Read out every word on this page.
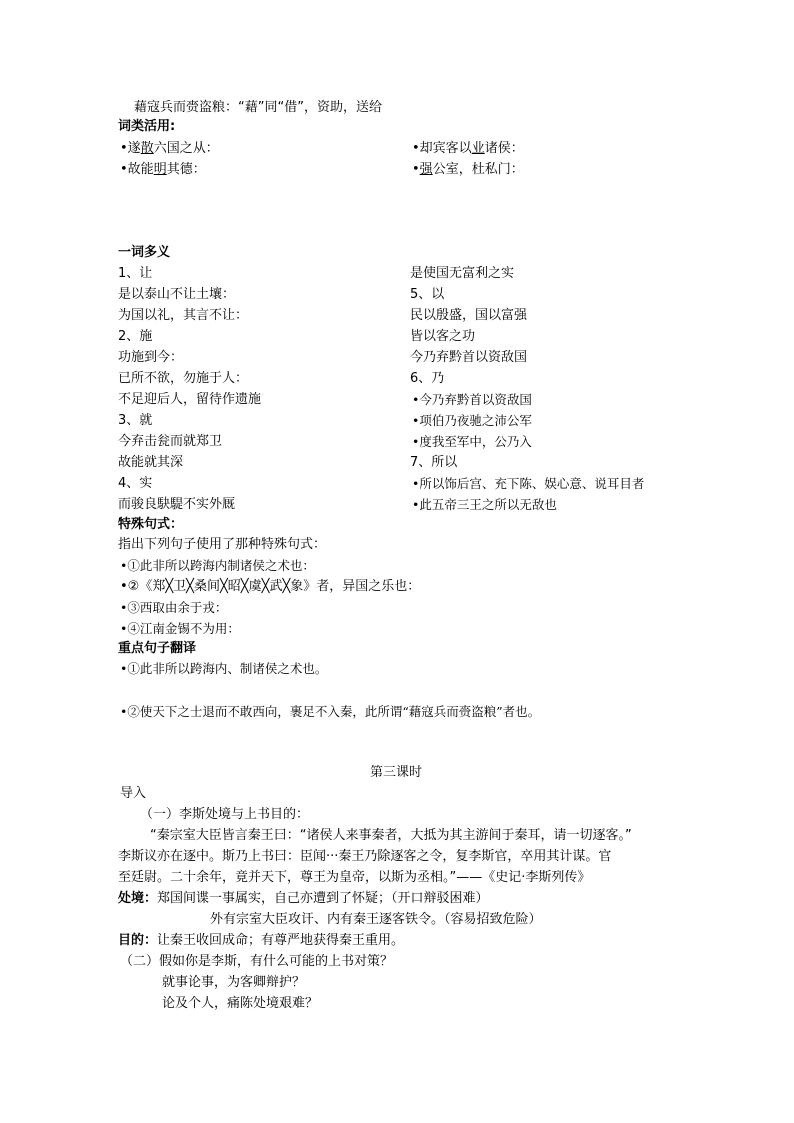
藉寇兵而赍盗粮：“藉”同“借”，资助，送给
词类活用:
•遂散六国之从：
•故能明其德：
•却宾客以业诸侯：
•强公室，杜私门：
一词多义
1、让
是以泰山不让土壤：
为国以礼，其言不让：
2、施
功施到今：
已所不欲，勿施于人：
不足迎后人，留待作遗施
3、就
今弃击瓮而就郑卫
故能就其深
4、实
而骏良駃騠不实外厩
是使国无富利之实
5、以
民以殷盛，国以富强
皆以客之功
今乃弃黔首以资敌国
6、乃
•今乃弃黔首以资敌国
•项伯乃夜驰之沛公军
•度我至军中，公乃入
7、所以
•所以饰后宫、充下陈、娱心意、说耳目者
•此五帝三王之所以无敌也
特殊句式：
指出下列句子使用了那种特殊句式：
•①此非所以跨海内制诸侯之术也：
•②《郑╳卫╳桑间╳昭╳虞╳武╳象》者，异国之乐也：
•③西取由余于戎：
•④江南金锡不为用：
重点句子翻译
•①此非所以跨海内、制诸侯之术也。
•②使天下之士退而不敢西向，裹足不入秦，此所谓“藉寇兵而赍盗粮”者也。
第三课时
导入
（一）李斯处境与上书目的：
“秦宗室大臣皆言秦王曰：“诸侯人来事秦者，大抵为其主游间于秦耳，请一切逐客。”
李斯议亦在逐中。斯乃上书曰：臣闻···秦王乃除逐客之令，复李斯官，卒用其计谋。官
至廷尉。二十余年，竟并天下，尊王为皇帝，以斯为丞相。”——《史记·李斯列传》
处境：郑国间谍一事属实，自己亦遭到了怀疑；（开口辩驳困难）
外有宗室大臣攻讦、内有秦王逐客铁令。（容易招致危险）
目的：让秦王收回成命；有尊严地获得秦王重用。
（二）假如你是李斯，有什么可能的上书对策？
就事论事，为客卿辩护？
论及个人，痛陈处境艰难？
